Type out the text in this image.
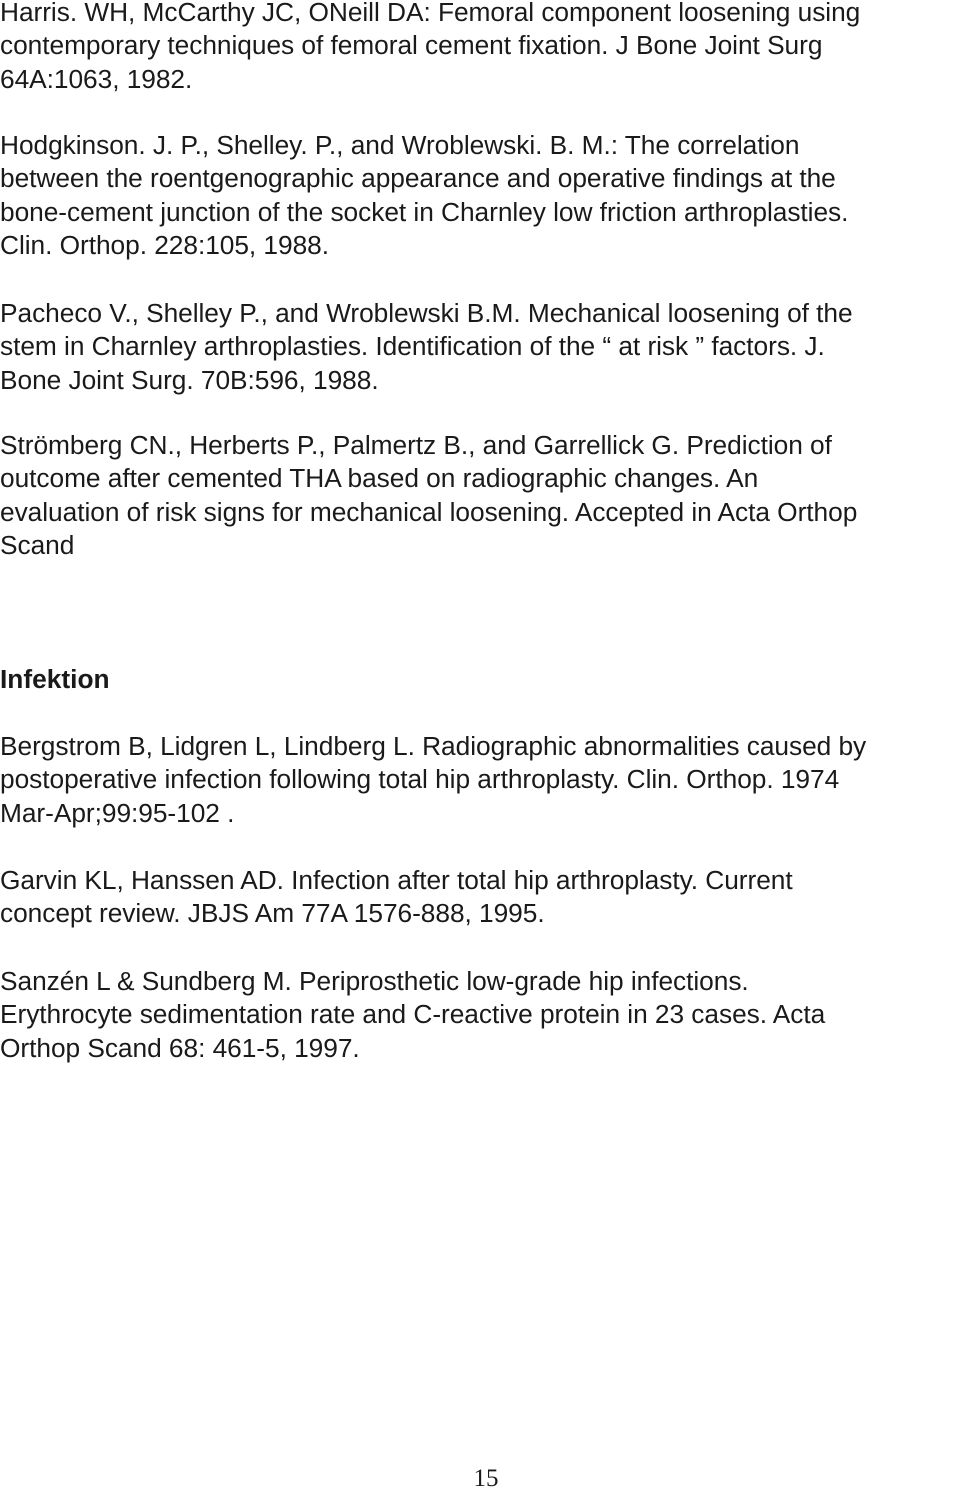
Harris. WH, McCarthy JC, ONeill DA: Femoral component loosening using
contemporary techniques of femoral cement fixation. J Bone Joint Surg
64A:1063, 1982.

Hodgkinson. J. P., Shelley. P., and Wroblewski. B. M.: The correlation
between the roentgenographic appearance and operative findings at the
bone-cement junction of the socket in Charnley low friction arthroplasties.
Clin. Orthop. 228:105, 1988.

Pacheco V., Shelley P., and Wroblewski B.M. Mechanical loosening of the
stem in Charnley arthroplasties. Identification of the “ at risk ” factors. J.
Bone Joint Surg. 70B:596, 1988.

Strömberg CN., Herberts P., Palmertz B., and Garrellick G. Prediction of
outcome after cemented THA based on radiographic changes. An
evaluation of risk signs for mechanical loosening. Accepted in Acta Orthop
Scand

Infektion

Bergstrom B, Lidgren L, Lindberg L. Radiographic abnormalities caused by
postoperative infection following total hip arthroplasty. Clin. Orthop. 1974
Mar-Apr;99:95-102 .

Garvin KL, Hanssen AD. Infection after total hip arthroplasty. Current
concept review. JBJS Am 77A 1576-888, 1995.

Sanzén L & Sundberg M. Periprosthetic low-grade hip infections.
Erythrocyte sedimentation rate and C-reactive protein in 23 cases. Acta
Orthop Scand 68: 461-5, 1997.

15
